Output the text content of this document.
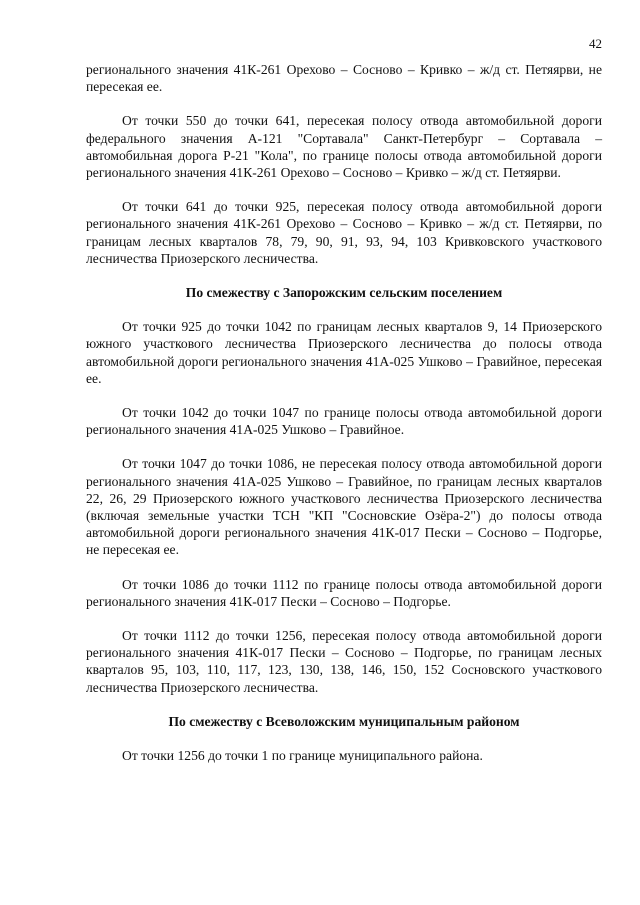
42

регионального значения 41К-261 Орехово – Сосново – Кривко – ж/д ст. Петяярви, не пересекая ее.

От точки 550 до точки 641, пересекая полосу отвода автомобильной дороги федерального значения А-121 "Сортавала" Санкт-Петербург – Сортавала – автомобильная дорога Р-21 "Кола", по границе полосы отвода автомобильной дороги регионального значения 41К-261 Орехово – Сосново – Кривко – ж/д ст. Петяярви.

От точки 641 до точки 925, пересекая полосу отвода автомобильной дороги регионального значения 41К-261 Орехово – Сосново – Кривко – ж/д ст. Петяярви, по границам лесных кварталов 78, 79, 90, 91, 93, 94, 103 Кривковского участкового лесничества Приозерского лесничества.

По смежеству с Запорожским сельским поселением

От точки 925 до точки 1042 по границам лесных кварталов 9, 14 Приозерского южного участкового лесничества Приозерского лесничества до полосы отвода автомобильной дороги регионального значения 41А-025 Ушково – Гравийное, пересекая ее.

От точки 1042 до точки 1047 по границе полосы отвода автомобильной дороги регионального значения 41А-025 Ушково – Гравийное.

От точки 1047 до точки 1086, не пересекая полосу отвода автомобильной дороги регионального значения 41А-025 Ушково – Гравийное, по границам лесных кварталов 22, 26, 29 Приозерского южного участкового лесничества Приозерского лесничества (включая земельные участки ТСН "КП "Сосновские Озёра-2") до полосы отвода автомобильной дороги регионального значения 41К-017 Пески – Сосново – Подгорье, не пересекая ее.

От точки 1086 до точки 1112 по границе полосы отвода автомобильной дороги регионального значения 41К-017 Пески – Сосново – Подгорье.

От точки 1112 до точки 1256, пересекая полосу отвода автомобильной дороги регионального значения 41К-017 Пески – Сосново – Подгорье, по границам лесных кварталов 95, 103, 110, 117, 123, 130, 138, 146, 150, 152 Сосновского участкового лесничества Приозерского лесничества.

По смежеству с Всеволожским муниципальным районом

От точки 1256 до точки 1 по границе муниципального района.
